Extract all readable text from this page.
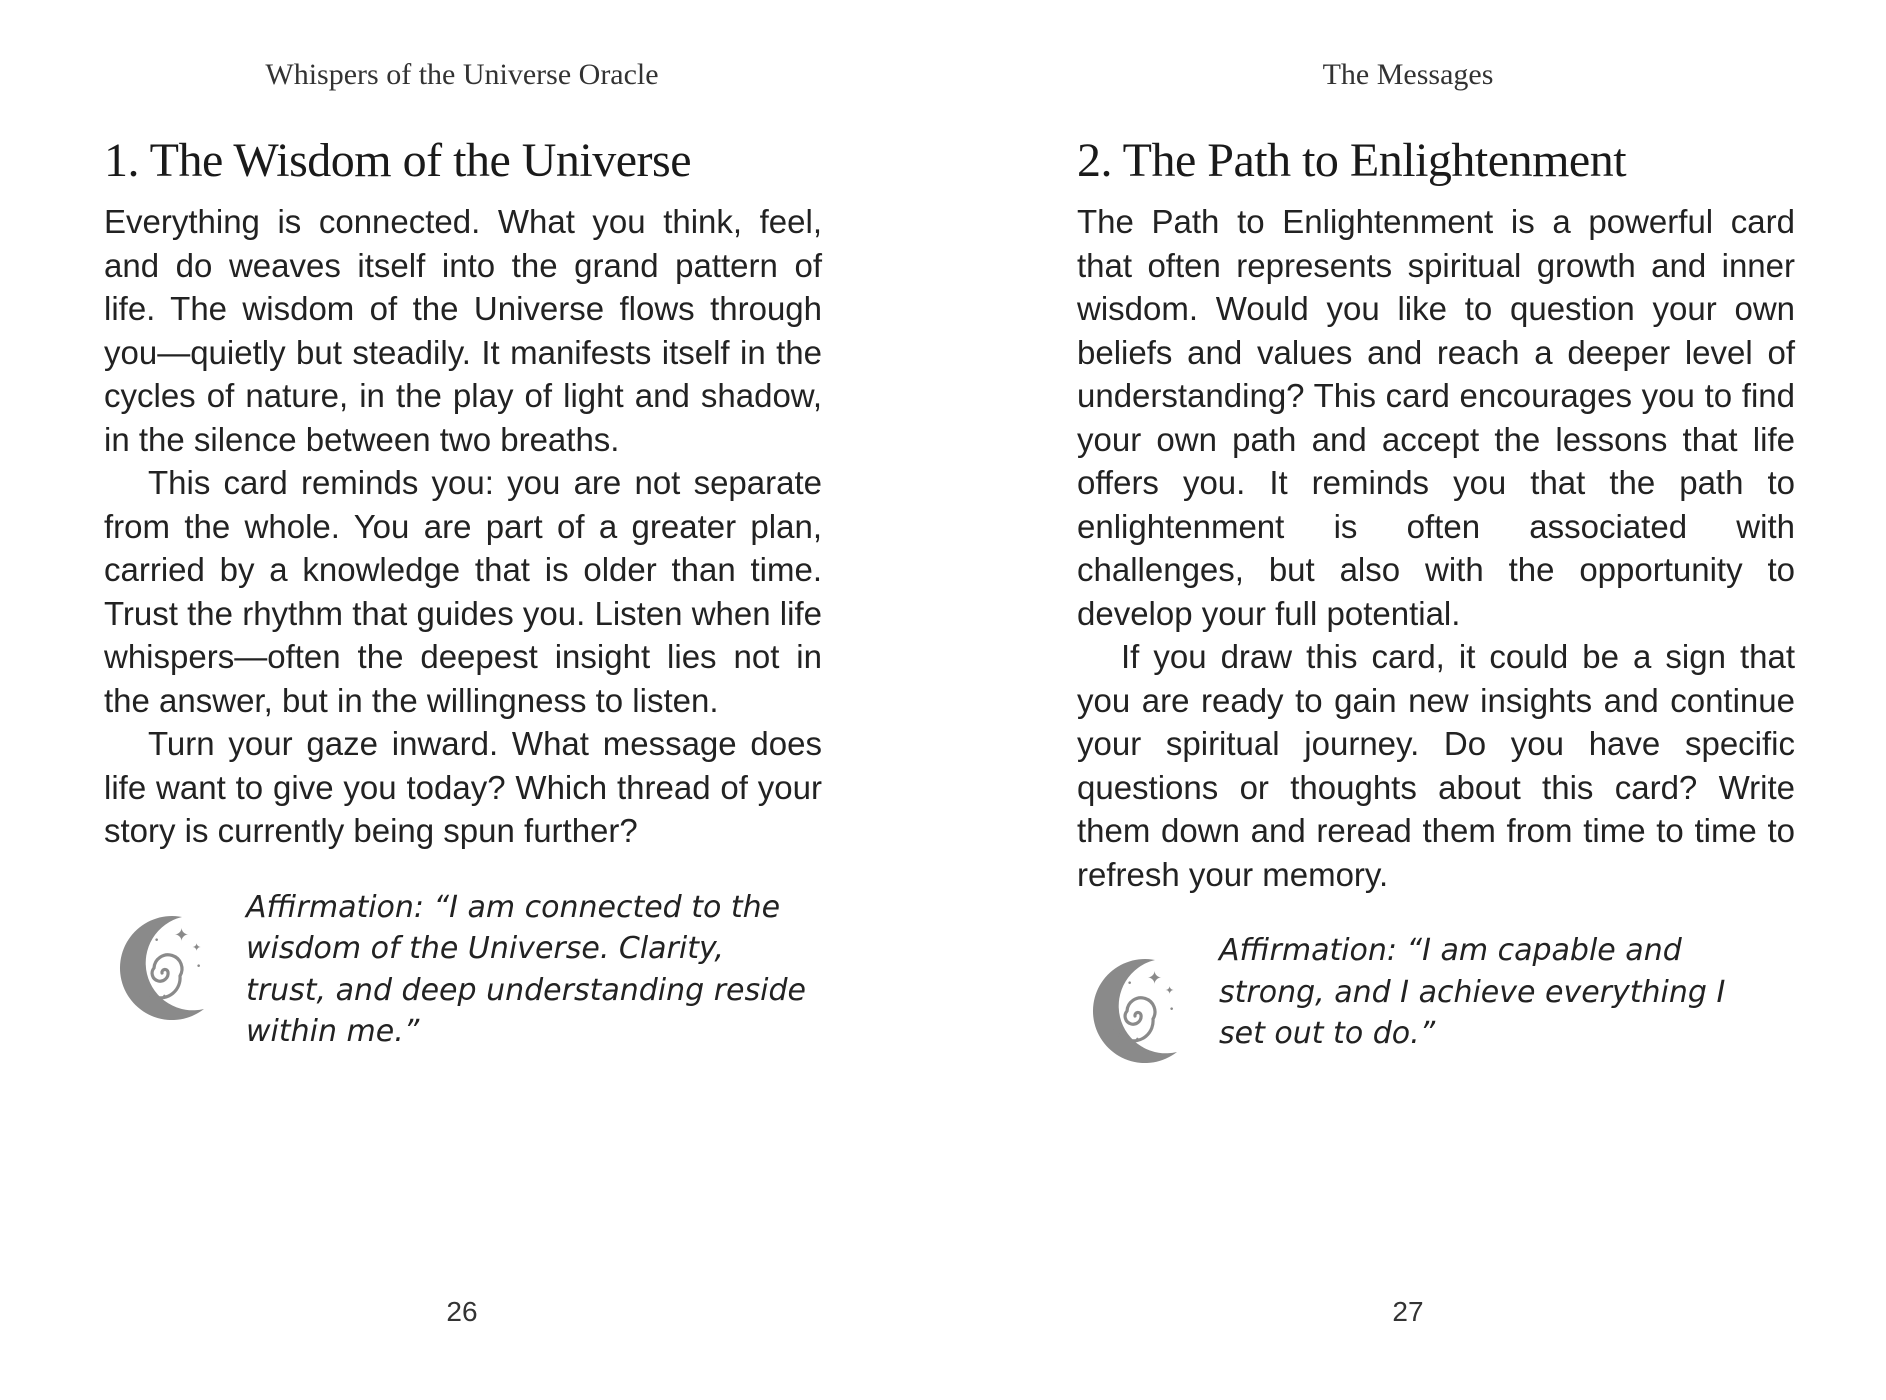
Whispers of the Universe Oracle
1. The Wisdom of the Universe

Everything is connected. What you think, feel, and do weaves itself into the grand pattern of life. The wisdom of the Universe flows through you—quietly but steadily. It manifests itself in the cycles of nature, in the play of light and shadow, in the silence between two breaths.

This card reminds you: you are not separate from the whole. You are part of a greater plan, carried by a knowledge that is older than time. Trust the rhythm that guides you. Listen when life whispers—often the deepest insight lies not in the answer, but in the willingness to listen.

Turn your gaze inward. What message does life want to give you today? Which thread of your story is currently being spun further?

✦
✦
•
•
✦
•
Affirmation: “I am connected to the wisdom of the Universe. Clarity, trust, and deep understanding reside within me.”
26
The Messages
2. The Path to Enlightenment

The Path to Enlightenment is a powerful card that often represents spiritual growth and inner wisdom. Would you like to question your own beliefs and values and reach a deeper level of understanding? This card encourages you to find your own path and accept the lessons that life offers you. It reminds you that the path to enlightenment is often associated with challenges, but also with the opportunity to develop your full potential.

If you draw this card, it could be a sign that you are ready to gain new insights and continue your spiritual journey. Do you have specific questions or thoughts about this card? Write them down and reread them from time to time to refresh your memory.

✦
✦
•
•
✦
•
Affirmation: “I am capable and strong, and I achieve everything I set out to do.”
27
